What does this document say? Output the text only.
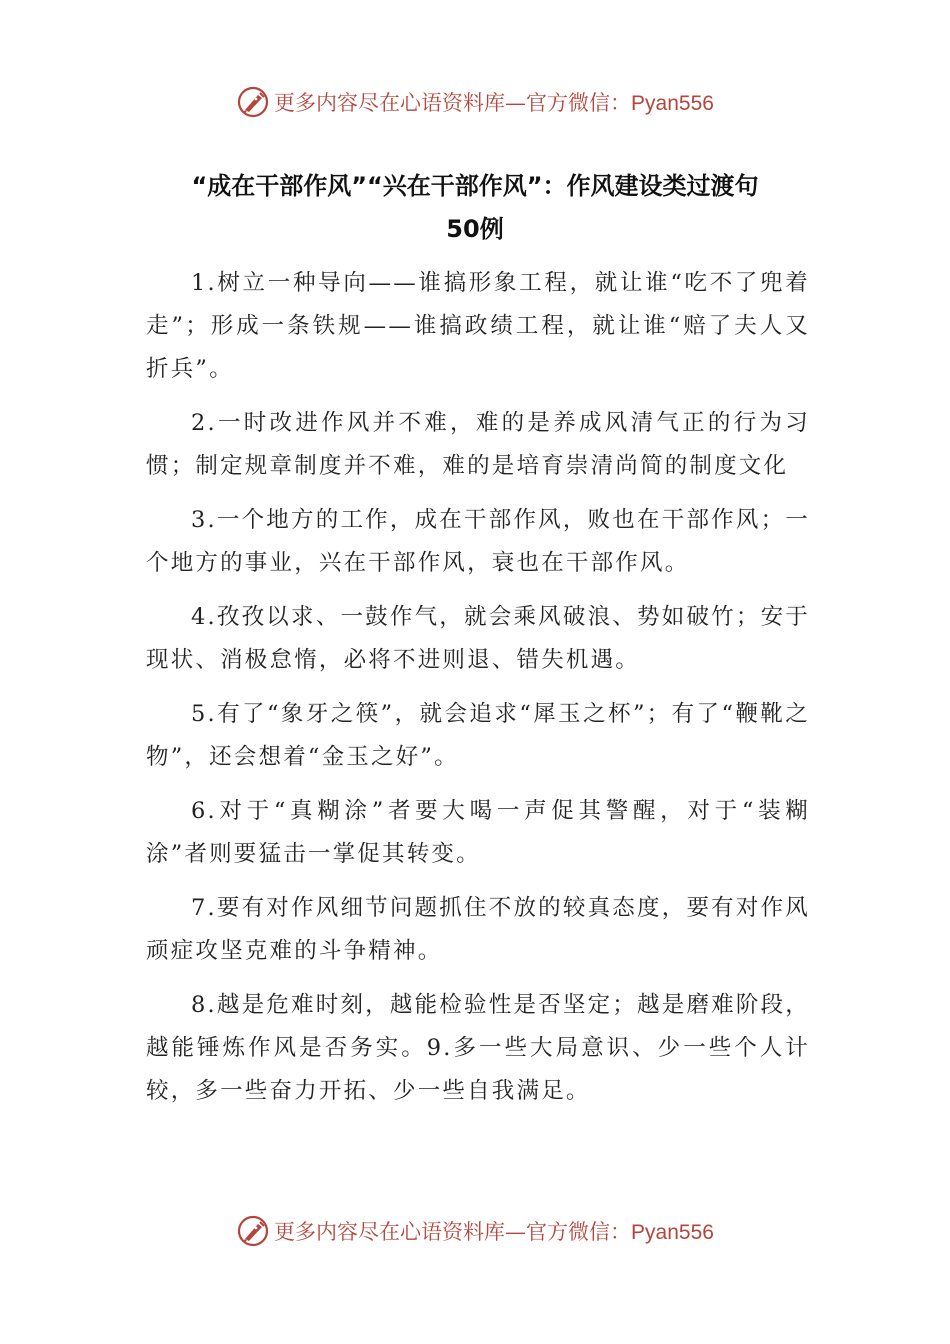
更多内容尽在心语资料库—官方微信：Pyan556
“成在干部作风”“兴在干部作风”：作风建设类过渡句
50例

1.树立一种导向——谁搞形象工程，就让谁“吃不了兜着走”；形成一条铁规——谁搞政绩工程，就让谁“赔了夫人又折兵”。

2.一时改进作风并不难，难的是养成风清气正的行为习惯；制定规章制度并不难，难的是培育崇清尚简的制度文化

3.一个地方的工作，成在干部作风，败也在干部作风；一个地方的事业，兴在干部作风，衰也在干部作风。

4.孜孜以求、一鼓作气，就会乘风破浪、势如破竹；安于现状、消极怠惰，必将不进则退、错失机遇。

5.有了“象牙之筷”，就会追求“犀玉之杯”；有了“鞭靴之物”，还会想着“金玉之好”。

6.对于“真糊涂”者要大喝一声促其警醒，对于“装糊涂”者则要猛击一掌促其转变。

7.要有对作风细节问题抓住不放的较真态度，要有对作风顽症攻坚克难的斗争精神。

8.越是危难时刻，越能检验性是否坚定；越是磨难阶段，越能锤炼作风是否务实。9.多一些大局意识、少一些个人计较，多一些奋力开拓、少一些自我满足。

更多内容尽在心语资料库—官方微信：Pyan556
